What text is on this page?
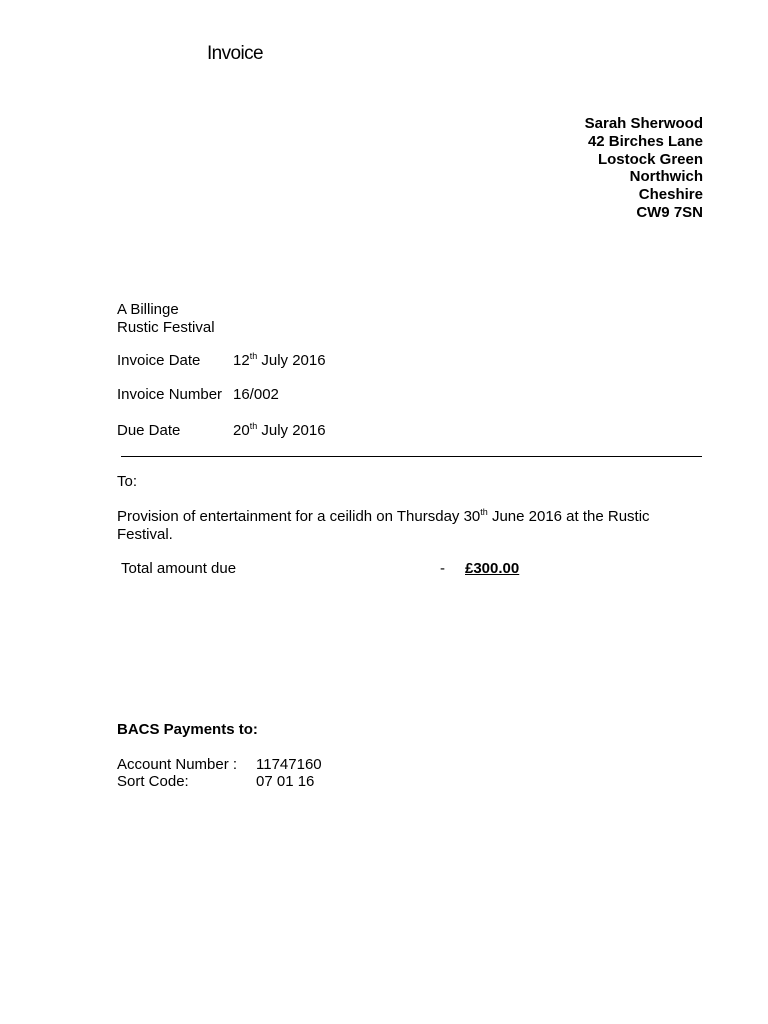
Invoice
Sarah Sherwood
42 Birches Lane
Lostock Green
Northwich
Cheshire
CW9 7SN
A Billinge
Rustic Festival
Invoice Date 12th July 2016
Invoice Number 16/002
Due Date	20th July 2016
To:
Provision of entertainment for a ceilidh on Thursday 30th June 2016 at the Rustic Festival.
Total amount due	- £300.00
BACS Payments to:
Account Number : 11747160
Sort Code:	07 01 16
